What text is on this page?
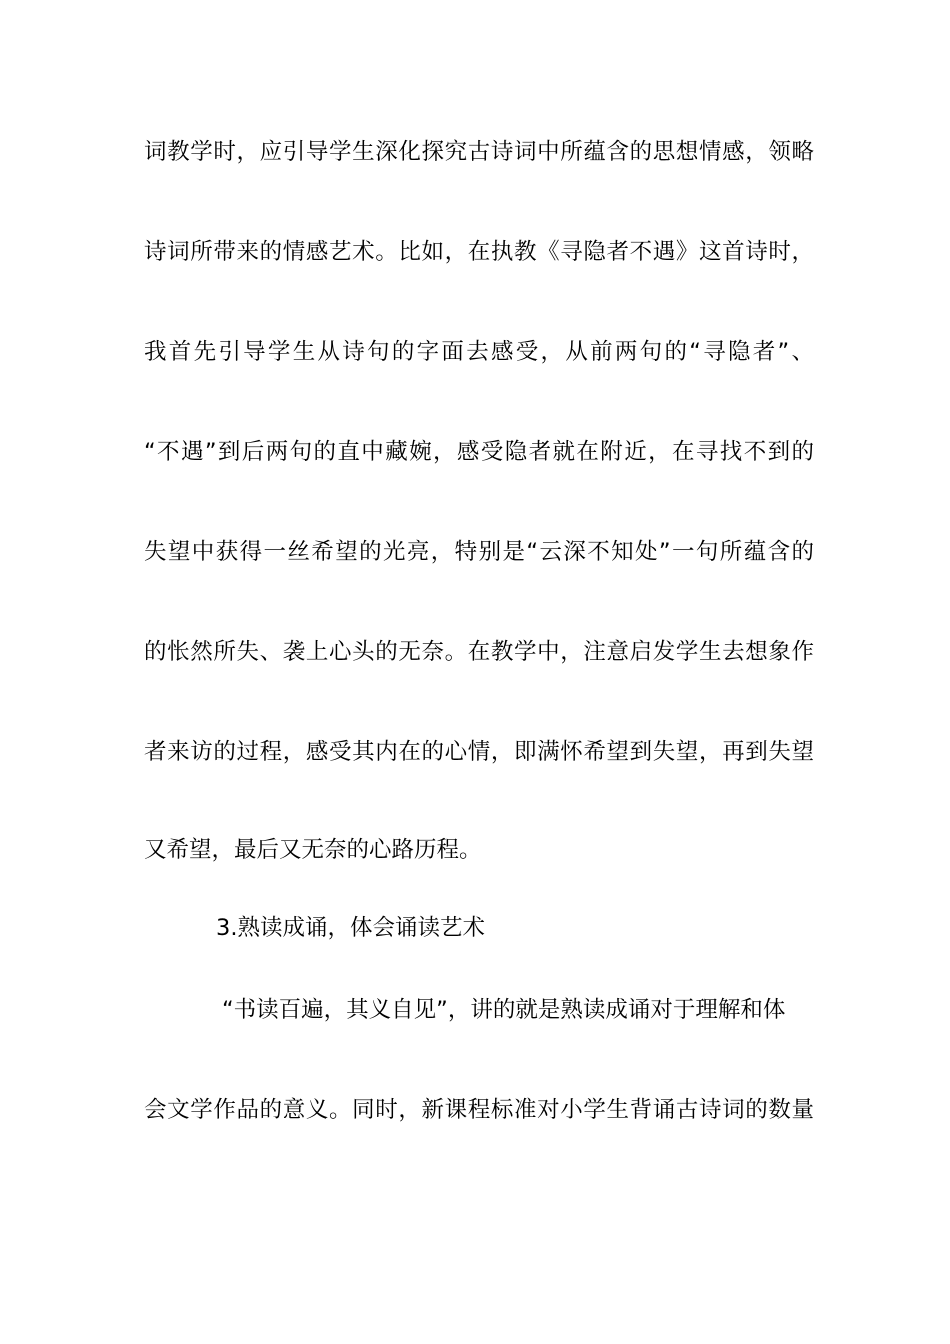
词教学时，应引导学生深化探究古诗词中所蕴含的思想情感，领略
诗词所带来的情感艺术。比如，在执教《寻隐者不遇》这首诗时，
我首先引导学生从诗句的字面去感受，从前两句的“寻隐者”、
“不遇”到后两句的直中藏婉，感受隐者就在附近，在寻找不到的
失望中获得一丝希望的光亮，特别是“云深不知处”一句所蕴含的
的怅然所失、袭上心头的无奈。在教学中，注意启发学生去想象作
者来访的过程，感受其内在的心情，即满怀希望到失望，再到失望
又希望，最后又无奈的心路历程。
3.熟读成诵，体会诵读艺术
“书读百遍，其义自见”，讲的就是熟读成诵对于理解和体
会文学作品的意义。同时，新课程标准对小学生背诵古诗词的数量
